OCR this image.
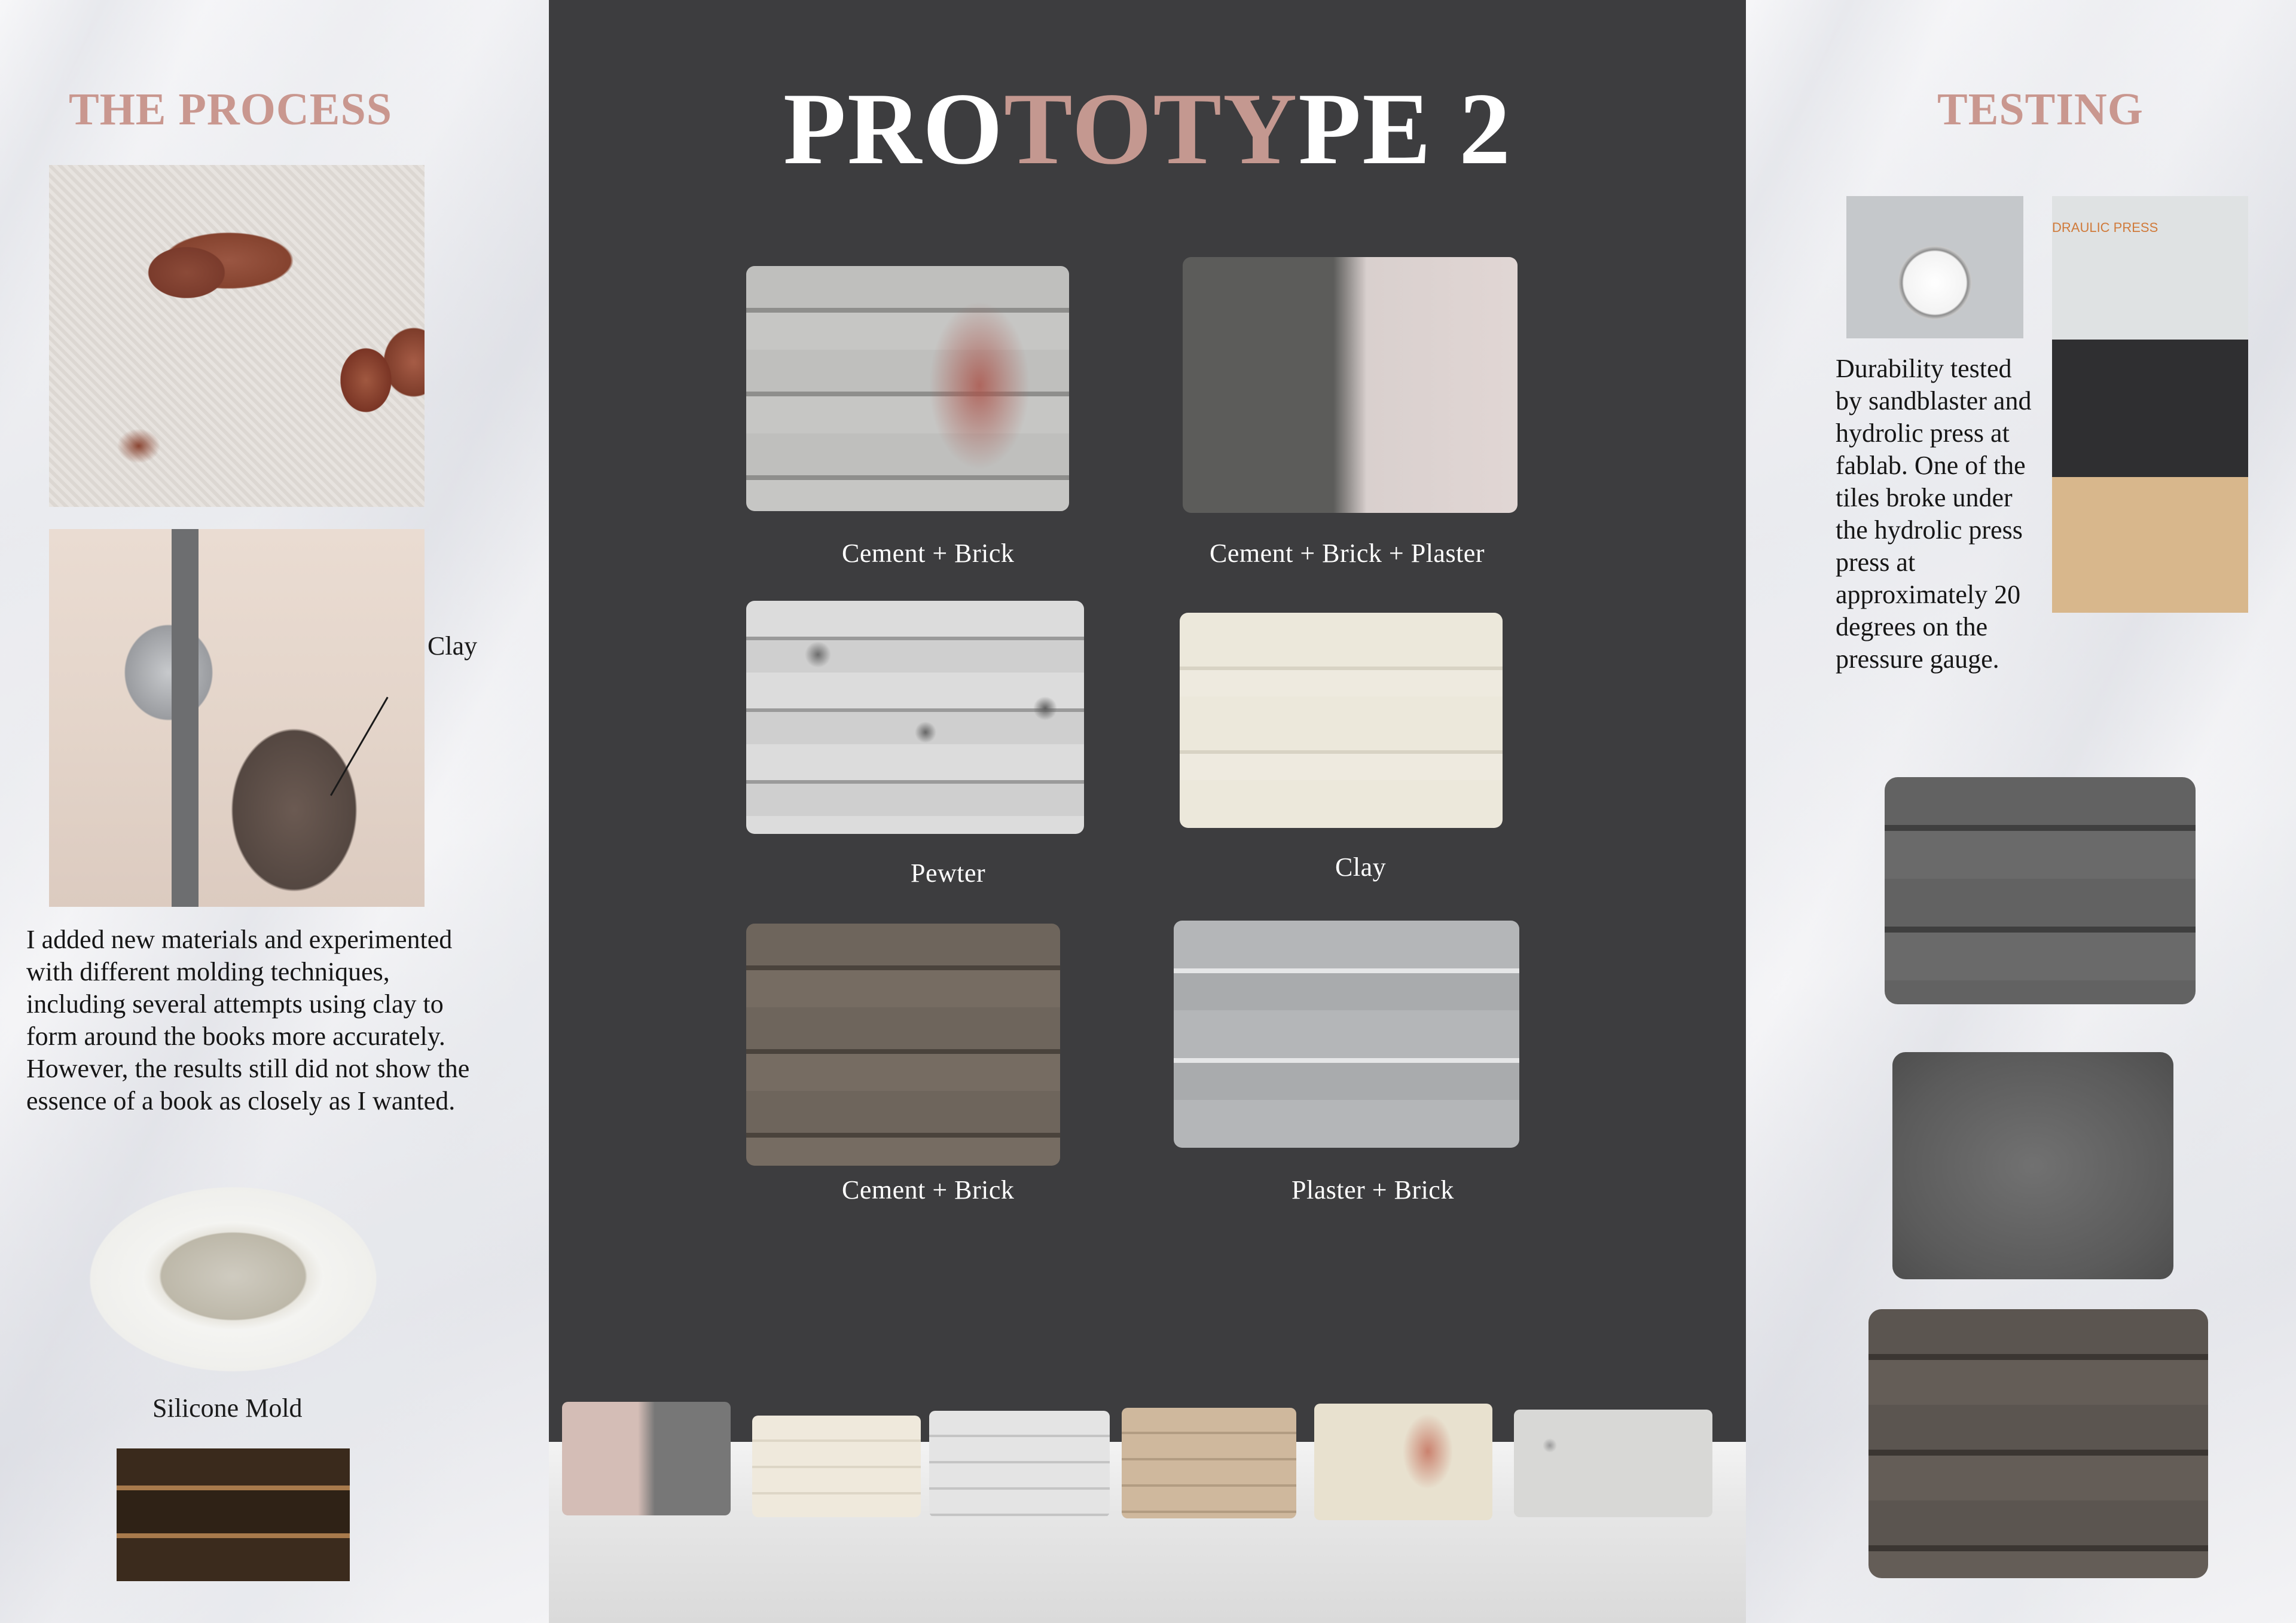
THE PROCESS
Clay

I added new materials and experimented with different molding techniques, including several attempts using clay to form around the books more accurately. However, the results still did not show the essence of a book as closely as I wanted.

Silicone Mold
PROTOTYPE 2
Cement + Brick	Cement + Brick + Plaster
Pewter	Clay
Cement + Brick	Plaster + Brick
TESTING
DRAULIC PRESS

Durability tested by sandblaster and hydrolic press at fablab. One of the tiles broke under the hydrolic press press at approximately 20 degrees on the pressure gauge.
